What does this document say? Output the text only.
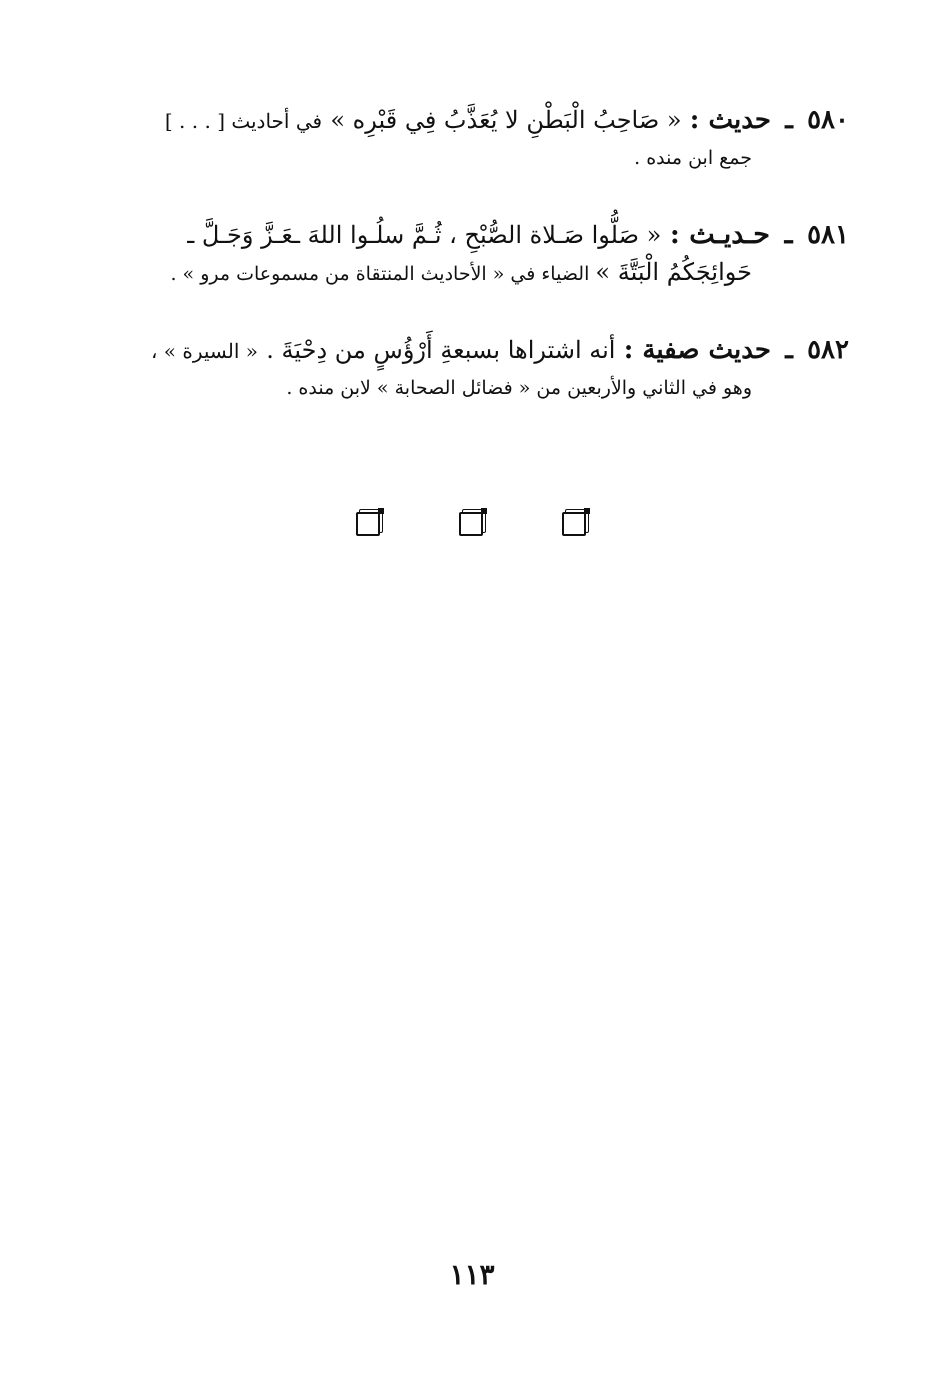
٥٨٠ ـ حديث : « صَاحِبُ الْبَطْنِ لا يُعَذَّبُ فِي قَبْرِه » في أحاديث [ . . . ]
جمع ابن منده .
٥٨١ ـ حـديـث : « صَلُّوا صَـلاة الصُّبْحِ ، ثُـمَّ سلُـوا اللهَ ـعَـزَّ وَجَـلَّ ـ
حَوائِجَكُمُ الْبَتَّةَ » الضياء في « الأحاديث المنتقاة من مسموعات مرو » .
٥٨٢ ـ حديث صفية : أنه اشتراها بسبعةِ أَرْؤُسٍ من دِحْيَةَ . « السيرة » ،
وهو في الثاني والأربعين من « فضائل الصحابة » لابن منده .
١١٣
